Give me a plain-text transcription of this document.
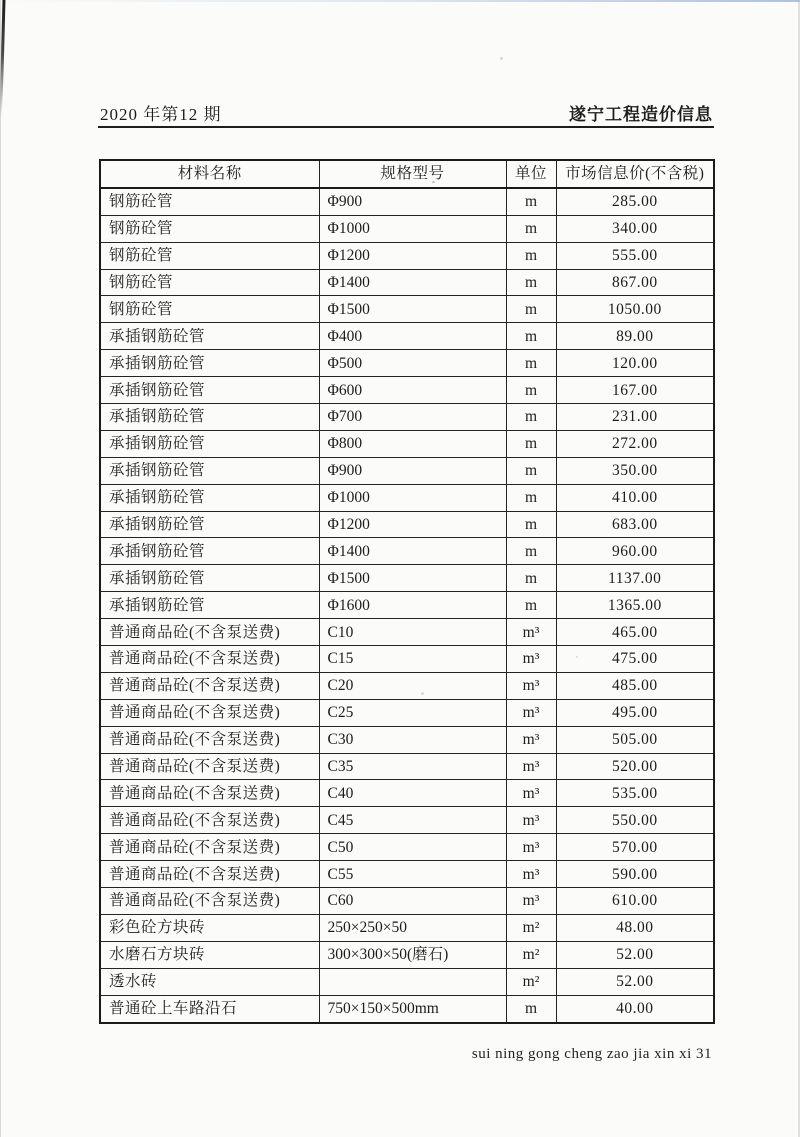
2020 年第12 期	遂宁工程造价信息
材料名称	规格型号	单位	市场信息价(不含税)
钢筋砼管	Φ900	m	285.00
钢筋砼管	Φ1000	m	340.00
钢筋砼管	Φ1200	m	555.00
钢筋砼管	Φ1400	m	867.00
钢筋砼管	Φ1500	m	1050.00
承插钢筋砼管	Φ400	m	89.00
承插钢筋砼管	Φ500	m	120.00
承插钢筋砼管	Φ600	m	167.00
承插钢筋砼管	Φ700	m	231.00
承插钢筋砼管	Φ800	m	272.00
承插钢筋砼管	Φ900	m	350.00
承插钢筋砼管	Φ1000	m	410.00
承插钢筋砼管	Φ1200	m	683.00
承插钢筋砼管	Φ1400	m	960.00
承插钢筋砼管	Φ1500	m	1137.00
承插钢筋砼管	Φ1600	m	1365.00
普通商品砼(不含泵送费)	C10	m³	465.00
普通商品砼(不含泵送费)	C15	m³	475.00
普通商品砼(不含泵送费)	C20	m³	485.00
普通商品砼(不含泵送费)	C25	m³	495.00
普通商品砼(不含泵送费)	C30	m³	505.00
普通商品砼(不含泵送费)	C35	m³	520.00
普通商品砼(不含泵送费)	C40	m³	535.00
普通商品砼(不含泵送费)	C45	m³	550.00
普通商品砼(不含泵送费)	C50	m³	570.00
普通商品砼(不含泵送费)	C55	m³	590.00
普通商品砼(不含泵送费)	C60	m³	610.00
彩色砼方块砖	250×250×50	m²	48.00
水磨石方块砖	300×300×50(磨石)	m²	52.00
透水砖		m²	52.00
普通砼上车路沿石	750×150×500mm	m	40.00
sui ning gong cheng zao jia xin xi 31
